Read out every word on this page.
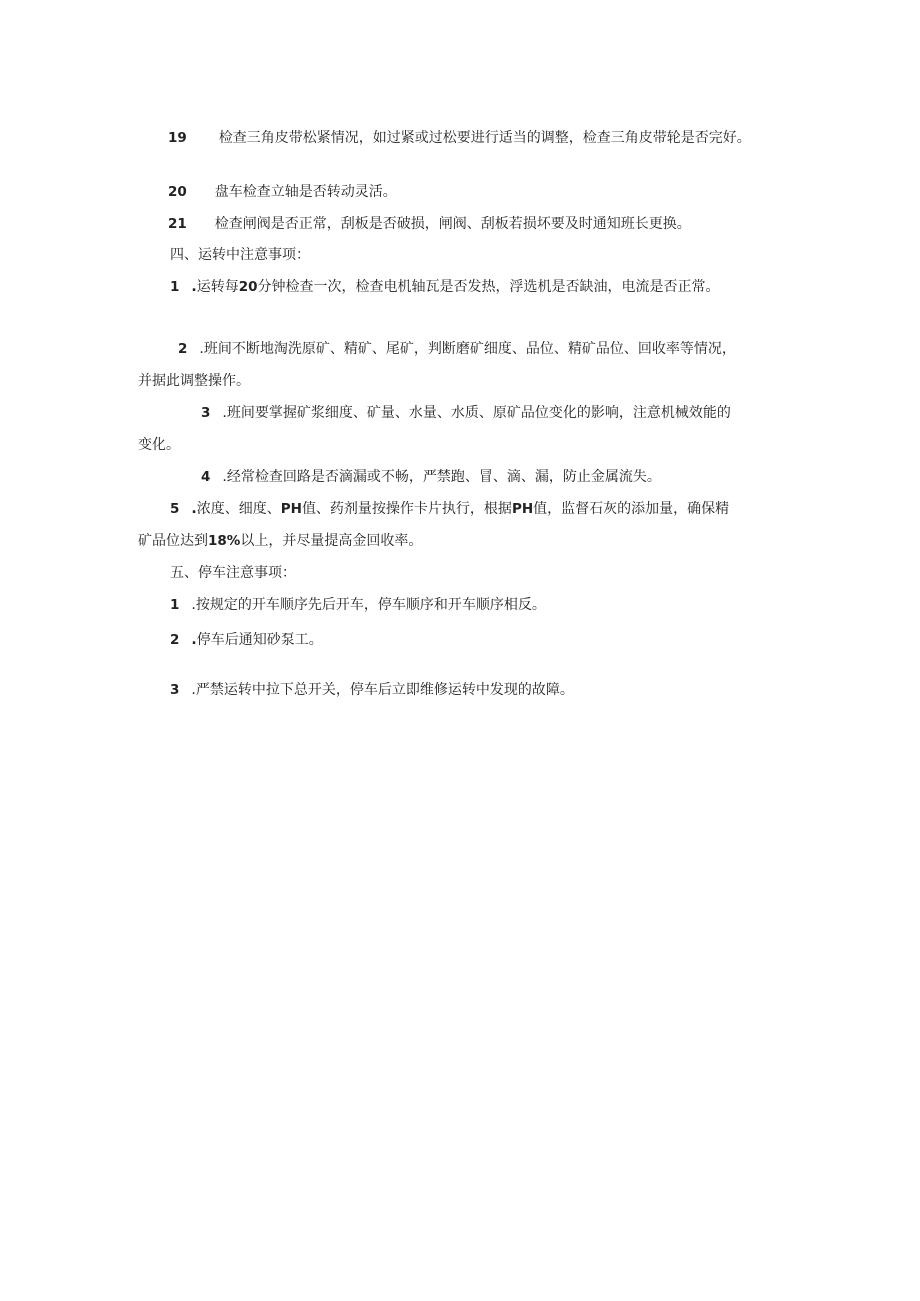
19 检查三角皮带松紧情况，如过紧或过松要进行适当的调整，检查三角皮带轮是否完好。
20 盘车检查立轴是否转动灵活。
21 检查闸阀是否正常，刮板是否破损，闸阀、刮板若损坏要及时通知班长更换。
四、运转中注意事项：
1 .运转每20分钟检查一次，检查电机轴瓦是否发热，浮选机是否缺油，电流是否正常。
2 .班间不断地淘洗原矿、精矿、尾矿，判断磨矿细度、品位、精矿品位、回收率等情况，
并据此调整操作。
3 .班间要掌握矿浆细度、矿量、水量、水质、原矿品位变化的影响，注意机械效能的
变化。
4 .经常检查回路是否滴漏或不畅，严禁跑、冒、滴、漏，防止金属流失。
5 .浓度、细度、PH值、药剂量按操作卡片执行，根据PH值，监督石灰的添加量，确保精
矿品位达到18%以上，并尽量提高金回收率。
五、停车注意事项：
1 .按规定的开车顺序先后开车，停车顺序和开车顺序相反。
2 .停车后通知砂泵工。
3 .严禁运转中拉下总开关，停车后立即维修运转中发现的故障。
